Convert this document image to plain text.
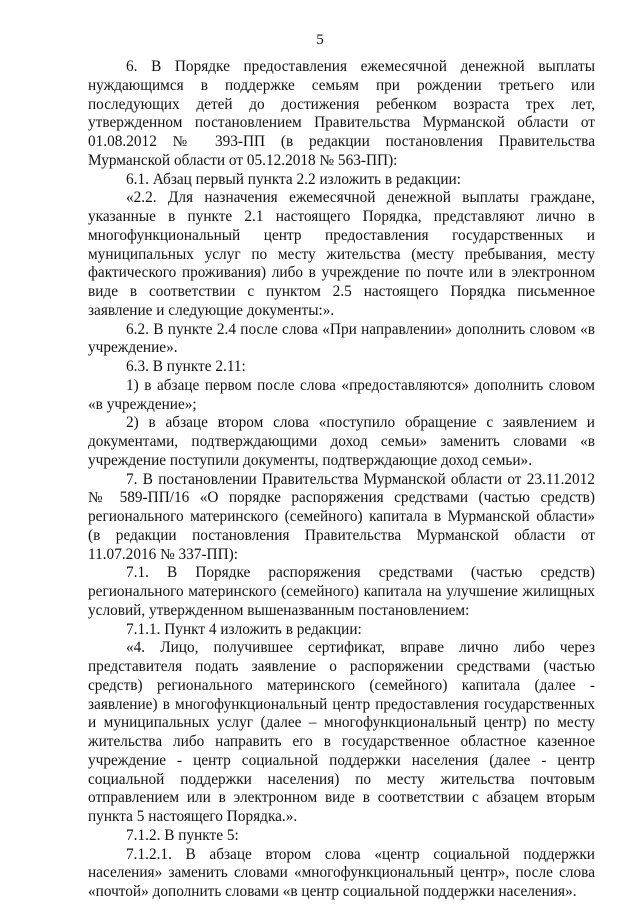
5

6. В Порядке предоставления ежемесячной денежной выплаты нуждающимся в поддержке семьям при рождении третьего или последующих детей до достижения ребенком возраста трех лет, утвержденном постановлением Правительства Мурманской области от 01.08.2012 № 393-ПП (в редакции постановления Правительства Мурманской области от 05.12.2018 № 563-ПП):

6.1. Абзац первый пункта 2.2 изложить в редакции:

«2.2. Для назначения ежемесячной денежной выплаты граждане, указанные в пункте 2.1 настоящего Порядка, представляют лично в многофункциональный центр предоставления государственных и муниципальных услуг по месту жительства (месту пребывания, месту фактического проживания) либо в учреждение по почте или в электронном виде в соответствии с пунктом 2.5 настоящего Порядка письменное заявление и следующие документы:».

6.2. В пункте 2.4 после слова «При направлении» дополнить словом «в учреждение».

6.3. В пункте 2.11:

1) в абзаце первом после слова «предоставляются» дополнить словом «в учреждение»;

2) в абзаце втором слова «поступило обращение с заявлением и документами, подтверждающими доход семьи» заменить словами «в учреждение поступили документы, подтверждающие доход семьи».

7. В постановлении Правительства Мурманской области от 23.11.2012 № 589-ПП/16 «О порядке распоряжения средствами (частью средств) регионального материнского (семейного) капитала в Мурманской области» (в редакции постановления Правительства Мурманской области от 11.07.2016 № 337-ПП):

7.1. В Порядке распоряжения средствами (частью средств) регионального материнского (семейного) капитала на улучшение жилищных условий, утвержденном вышеназванным постановлением:

7.1.1. Пункт 4 изложить в редакции:

«4. Лицо, получившее сертификат, вправе лично либо через представителя подать заявление о распоряжении средствами (частью средств) регионального материнского (семейного) капитала (далее - заявление) в многофункциональный центр предоставления государственных и муниципальных услуг (далее – многофункциональный центр) по месту жительства либо направить его в государственное областное казенное учреждение - центр социальной поддержки населения (далее - центр социальной поддержки населения) по месту жительства почтовым отправлением или в электронном виде в соответствии с абзацем вторым пункта 5 настоящего Порядка.».

7.1.2. В пункте 5:

7.1.2.1. В абзаце втором слова «центр социальной поддержки населения» заменить словами «многофункциональный центр», после слова «почтой» дополнить словами «в центр социальной поддержки населения».
